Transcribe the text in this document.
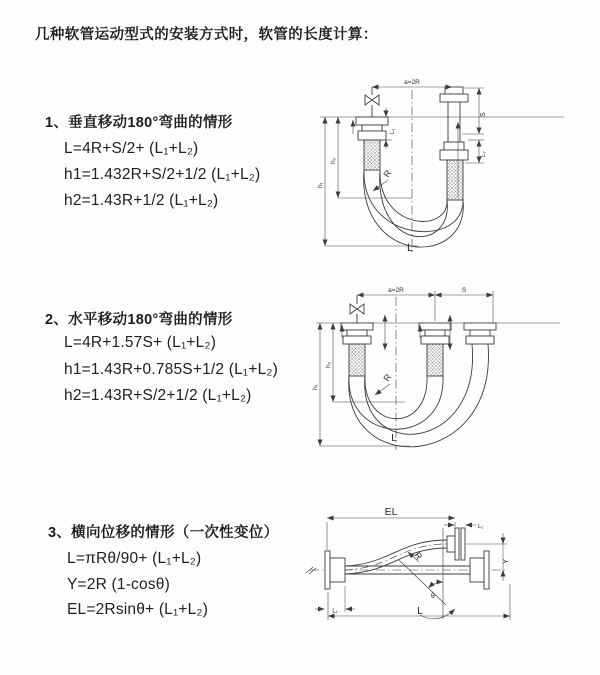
几种软管运动型式的安装方式时，软管的长度计算：
1、垂直移动180°弯曲的情形
L=4R+S/2+ (L₁+L₂)
h1=1.432R+S/2+1/2 (L₁+L₂)
h2=1.43R+1/2 (L₁+L₂)
2、水平移动180°弯曲的情形
L=4R+1.57S+ (L₁+L₂)
h1=1.43R+0.785S+1/2 (L₁+L₂)
h2=1.43R+S/2+1/2 (L₁+L₂)
3、横向位移的情形（一次性变位）
L=πRθ/90+ (L₁+L₂)
Y=2R (1-cosθ)
EL=2Rsinθ+ (L₁+L₂)
a=2R
h₁
h₂
L₁
S
L₂
R
L
a=2R	S
h₁
h₂
R
L
EL
L₁
Y
L
L₁
θ
R
